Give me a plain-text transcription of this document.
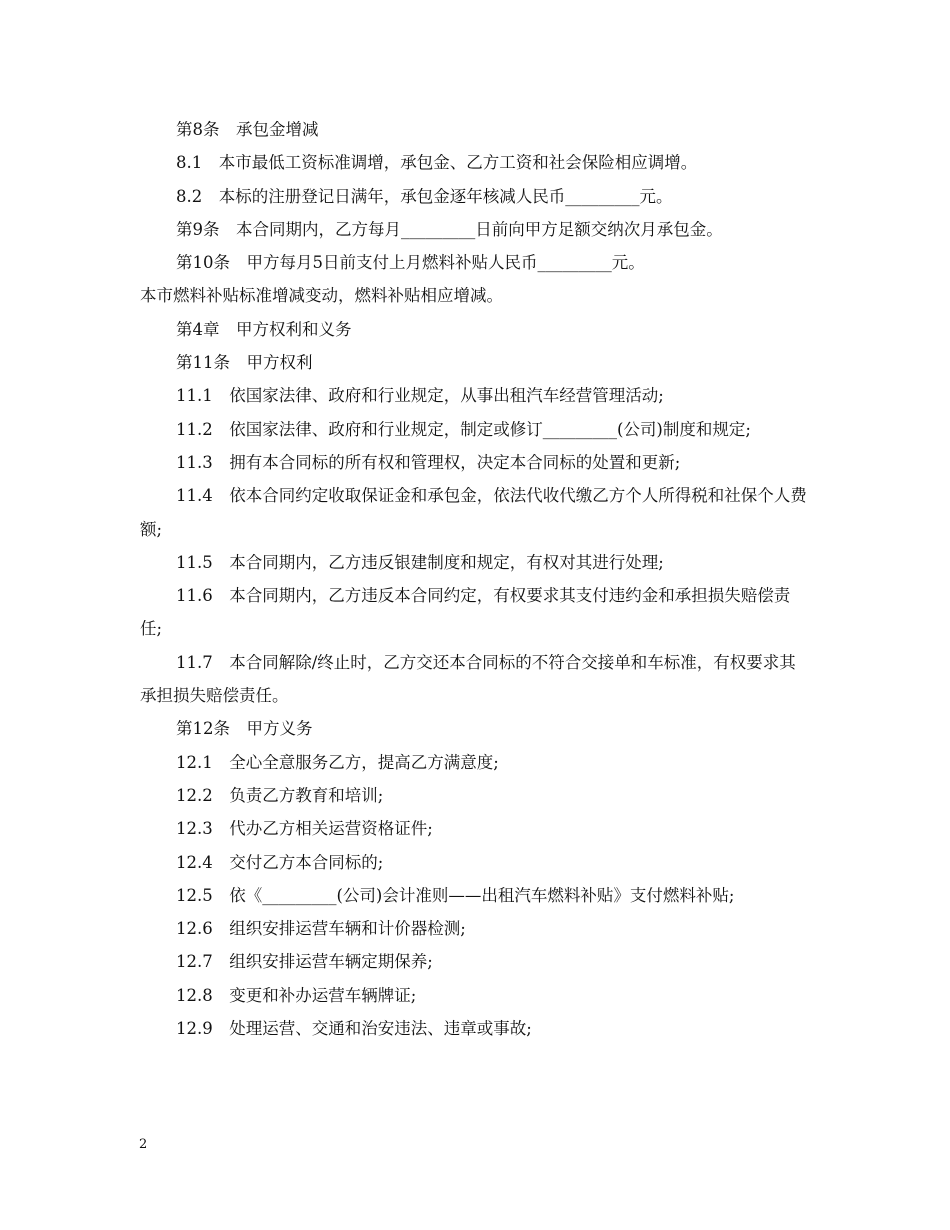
第8条　承包金增减

8.1　本市最低工资标准调增，承包金、乙方工资和社会保险相应调增。

8.2　本标的注册登记日满年，承包金逐年核减人民币_________元。

第9条　本合同期内，乙方每月_________日前向甲方足额交纳次月承包金。

第10条　甲方每月5日前支付上月燃料补贴人民币_________元。

本市燃料补贴标准增减变动，燃料补贴相应增减。

第4章　甲方权利和义务

第11条　甲方权利

11.1　依国家法律、政府和行业规定，从事出租汽车经营管理活动;

11.2　依国家法律、政府和行业规定，制定或修订_________(公司)制度和规定;

11.3　拥有本合同标的所有权和管理权，决定本合同标的处置和更新;

11.4　依本合同约定收取保证金和承包金，依法代收代缴乙方个人所得税和社保个人费额;

11.5　本合同期内，乙方违反银建制度和规定，有权对其进行处理;

11.6　本合同期内，乙方违反本合同约定，有权要求其支付违约金和承担损失赔偿责任;

11.7　本合同解除/终止时，乙方交还本合同标的不符合交接单和车标准，有权要求其承担损失赔偿责任。

第12条　甲方义务

12.1　全心全意服务乙方，提高乙方满意度;

12.2　负责乙方教育和培训;

12.3　代办乙方相关运营资格证件;

12.4　交付乙方本合同标的;

12.5　依《_________(公司)会计准则——出租汽车燃料补贴》支付燃料补贴;

12.6　组织安排运营车辆和计价器检测;

12.7　组织安排运营车辆定期保养;

12.8　变更和补办运营车辆牌证;

12.9　处理运营、交通和治安违法、违章或事故;

2
